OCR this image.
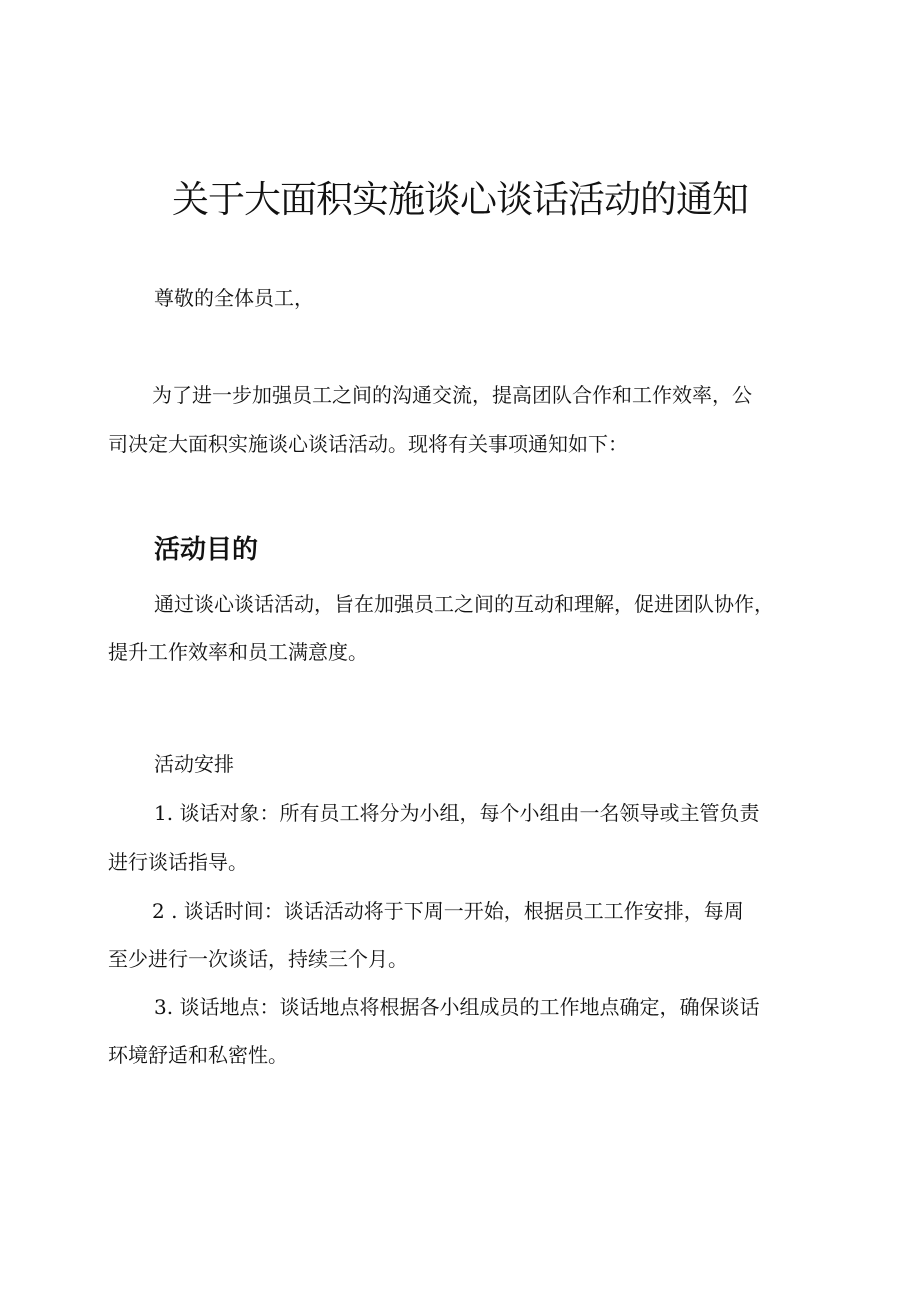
关于大面积实施谈心谈话活动的通知

尊敬的全体员工，

为了进一步加强员工之间的沟通交流，提高团队合作和工作效率，公

司决定大面积实施谈心谈话活动。现将有关事项通知如下：

活动目的

通过谈心谈话活动，旨在加强员工之间的互动和理解，促进团队协作，

提升工作效率和员工满意度。

活动安排

1. 谈话对象：所有员工将分为小组，每个小组由一名领导或主管负责

进行谈话指导。

2 . 谈话时间：谈话活动将于下周一开始，根据员工工作安排，每周

至少进行一次谈话，持续三个月。

3. 谈话地点：谈话地点将根据各小组成员的工作地点确定，确保谈话

环境舒适和私密性。
